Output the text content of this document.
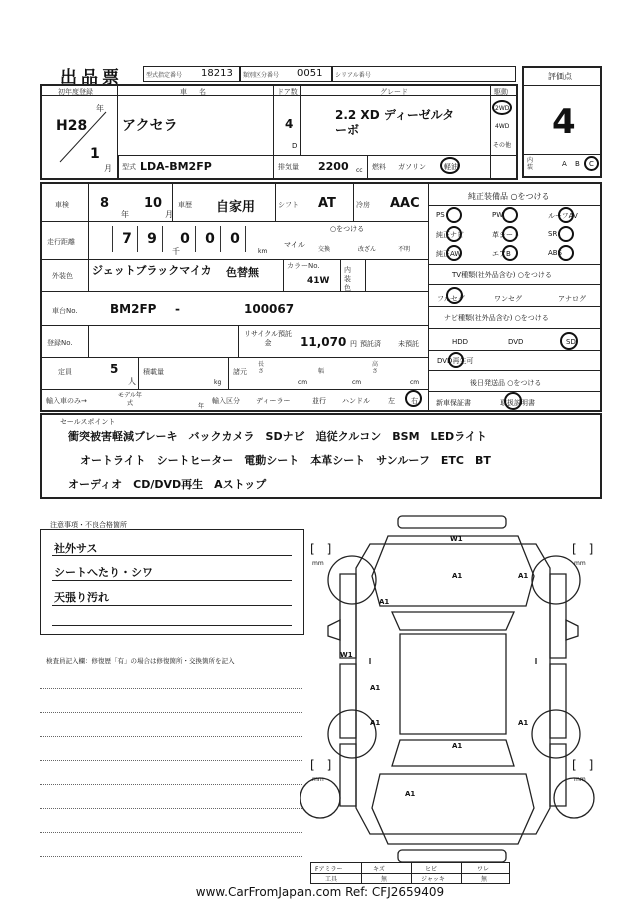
出品票	型式指定番号 18213 類別区分番号 0051 シリアル番号	評価点
4
内装	A B C
初年度登録
H28
年
1
月
車名
アクセラ
ドア数
4
D
グレード
2.2 XD ディーゼルターボ
駆動
2WD
4WD
その他
型式 LDA-BM2FP	排気量 2200 cc 燃料 ガソリン	軽油
車検 8
年
10
月
車歴 自家用	シフト AT	冷房 AAC
走行距離	7	9	0	0	0
千	km
○をつける
マイル
交換	改ざん	不明
外装色 ジェットブラックマイカ 色替無	カラーNo.
41W
内装色
車台No.	BM2FP -	100067
登録No.
リサイクル預託金	11,070 円 預託済 未預託
定員	5
人
積載量
kg
諸元
長さ
cm
幅
cm
高さ
cm
輸入車のみ→
モデル年式	年
輸入区分 ディーラー	並行 ハンドル	左 右
純正装備品 ○をつける
PS	PW	ルーフAV
純正ナビ	革シート	SR
純正AW	エアB	ABS
TV種類(社外品含む) ○をつける
フルセグ	ワンセグ	アナログ
ナビ種類(社外品含む) ○をつける
HDD	DVD	SD
DVD再生可
後日発送品 ○をつける
新車保証書	取扱説明書
セールスポイント
衝突被害軽減ブレーキ　バックカメラ　SDナビ　追従クルコン　BSM　LEDライト
オートライト　シートヒーター　電動シート　本革シート　サンルーフ　ETC　BT
オーディオ　CD/DVD再生　Aストップ
注意事項・不良合格箇所
社外サス
シートへたり・シワ
天張り汚れ
検査員記入欄：修復歴「有」の場合は修復箇所・交換箇所を記入
W1
A1	A1
A1
W1
A1
A1	A1
A1
A1
[　]
mm
[　]
mm
[　]
mm
[　]
mm
Fアミラー	キズ	ヒビ	ワレ
工具	無	ジャッキ	無
www.CarFromJapan.com Ref: CFJ2659409
